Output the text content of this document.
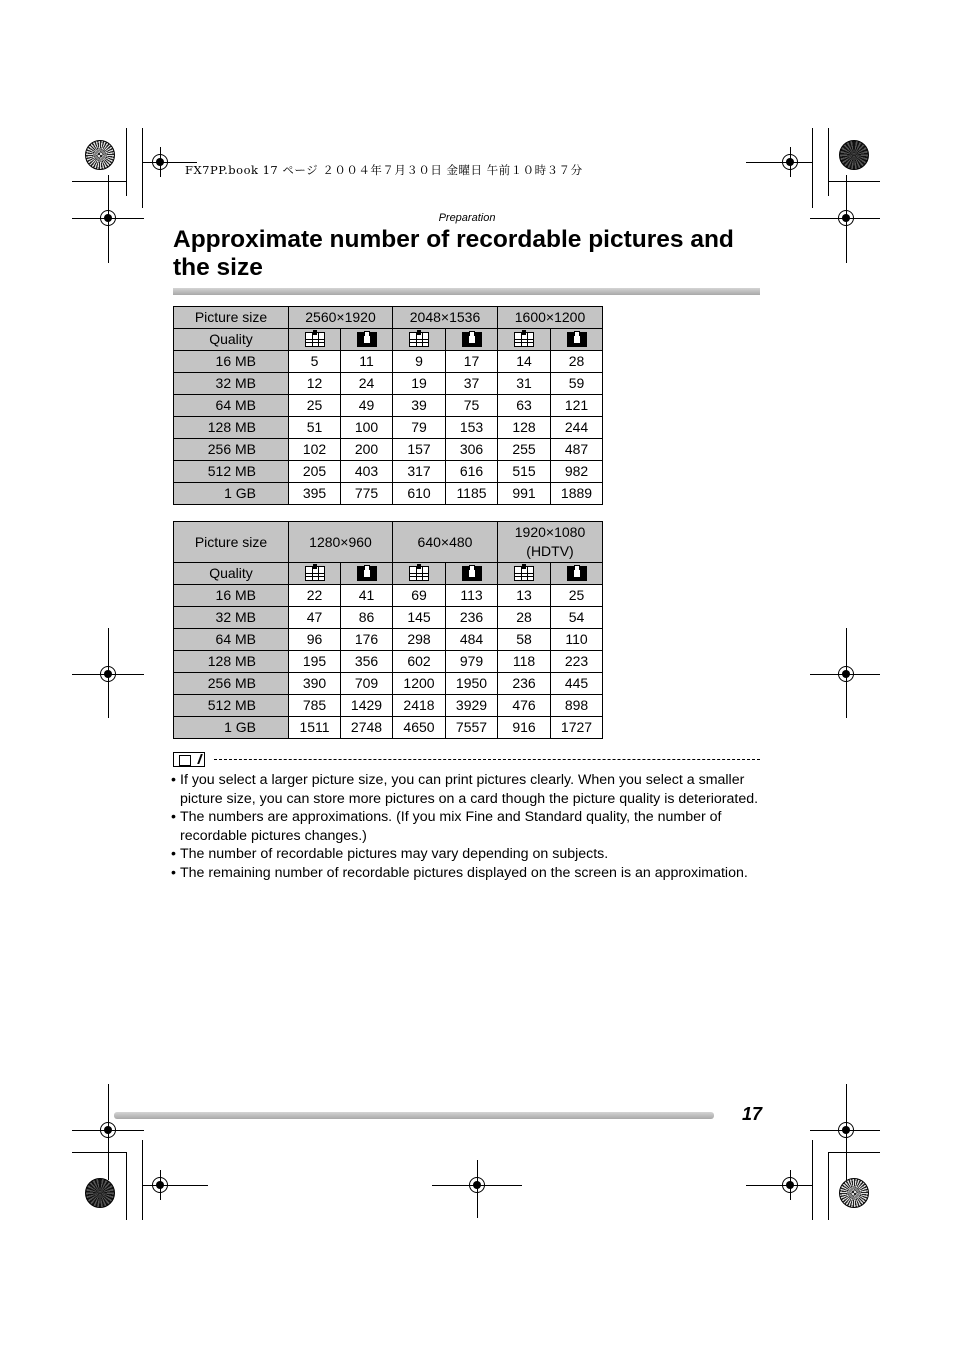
FX7PP.book 17 ページ ２００４年７月３０日 金曜日 午前１０時３７分
Preparation
Approximate number of recordable pictures and the size
Picture size	2560×1920		2048×1536		1600×1200	
Quality						
16 MB	5	11	9	17	14	28
32 MB	12	24	19	37	31	59
64 MB	25	49	39	75	63	121
128 MB	51	100	79	153	128	244
256 MB	102	200	157	306	255	487
512 MB	205	403	317	616	515	982
1 GB	395	775	610	1185	991	1889
Picture size	1280×960		640×480		1920×1080
(HDTV)	
Quality						
16 MB	22	41	69	113	13	25
32 MB	47	86	145	236	28	54
64 MB	96	176	298	484	58	110
128 MB	195	356	602	979	118	223
256 MB	390	709	1200	1950	236	445
512 MB	785	1429	2418	3929	476	898
1 GB	1511	2748	4650	7557	916	1727
• If you select a larger picture size, you can print pictures clearly. When you select a smaller picture size, you can store more pictures on a card though the picture quality is deteriorated.
• The numbers are approximations. (If you mix Fine and Standard quality, the number of recordable pictures changes.)
• The number of recordable pictures may vary depending on subjects.
• The remaining number of recordable pictures displayed on the screen is an approximation.
17
